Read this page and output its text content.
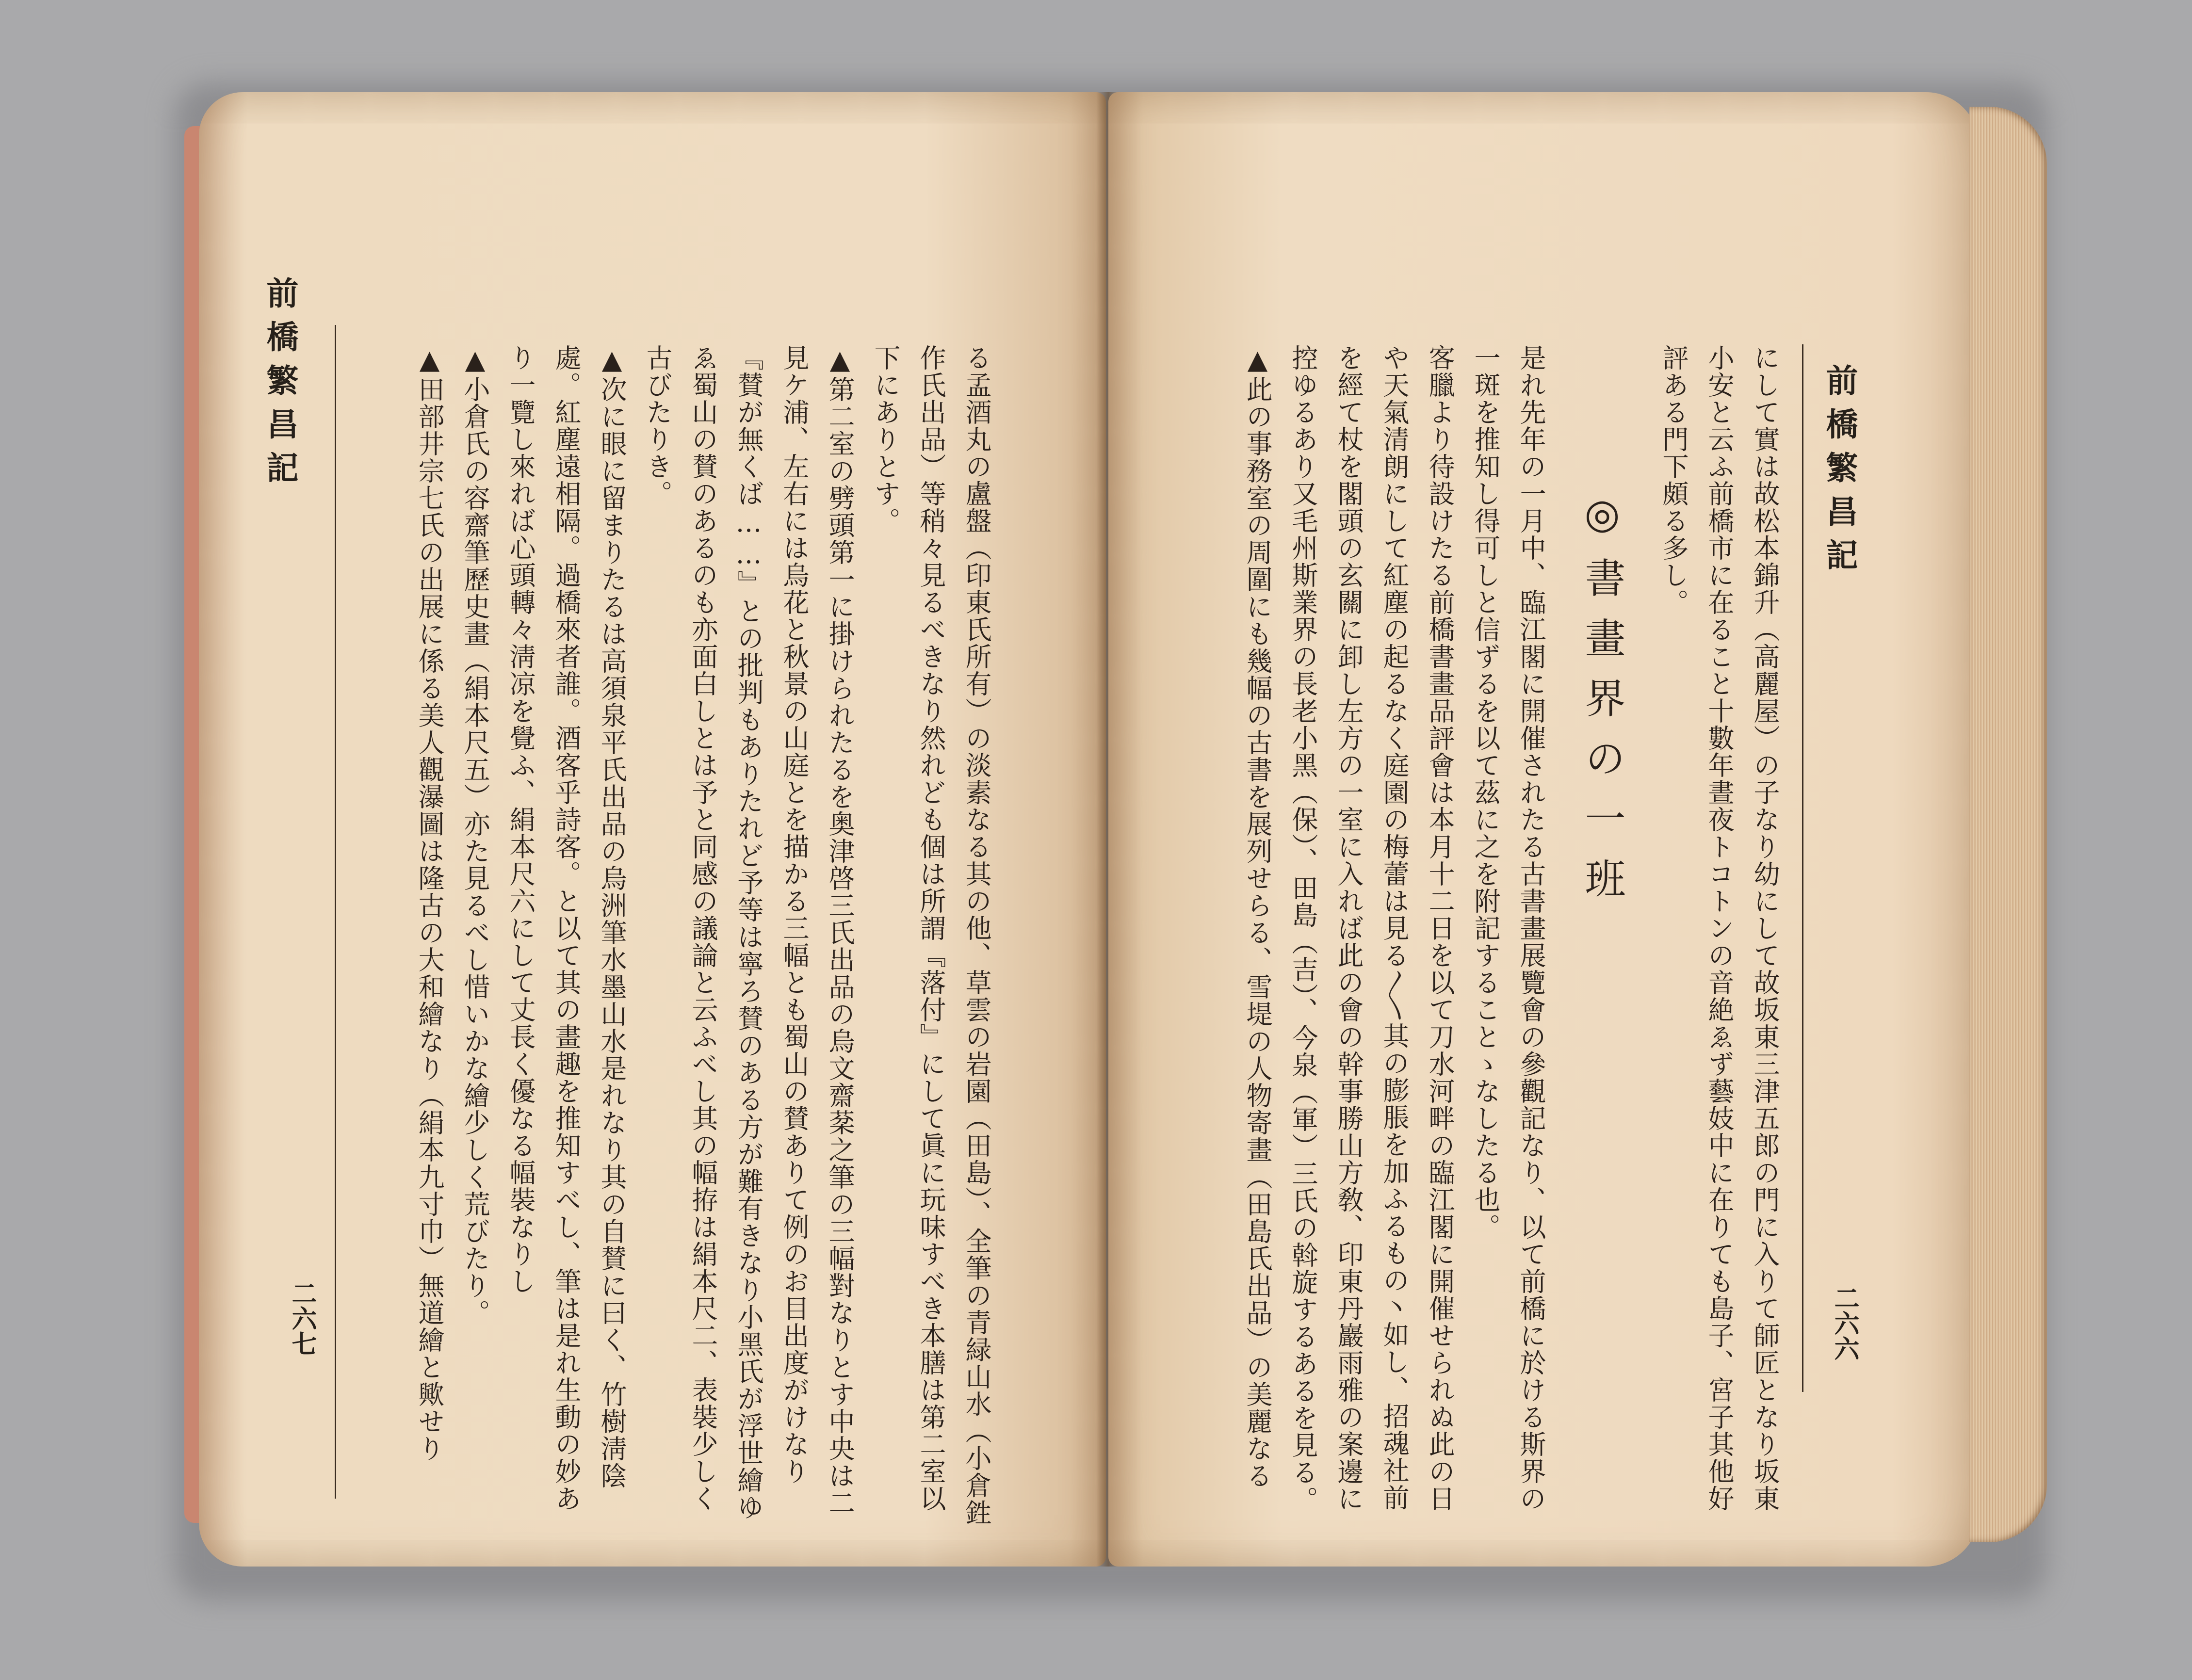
前橋繁昌記
二六七	る孟酒丸の盧盤（印東氏所有）の淡素なる其の他、草雲の岩園（田島）、全筆の青緑山水（小倉鉎作氏出品）等稍々見るべきなり然れども個は所謂『落付』にして眞に玩味すべき本膳は第二室以下にありとす。

▲第二室の劈頭第一に掛けられたるを奥津啓三氏出品の烏文齋棻之筆の三幅對なりとす中央は二見ケ浦、左右には烏花と秋景の山庭とを描かる三幅とも蜀山の賛ありて例のお目出度がけなり『賛が無くば……』との批判もありたれど予等は寧ろ賛のある方が難有きなり小黑氏が浮世繪ゆゑ蜀山の賛のあるのも亦面白しとは予と同感の議論と云ふべし其の幅拵は絹本尺二、表裝少しく古びたりき。

▲次に眼に留まりたるは高須泉平氏出品の烏洲筆水墨山水是れなり其の自賛に曰く、竹樹淸陰處。紅塵遠相隔。過橋來者誰。酒客乎詩客。と以て其の畫趣を推知すべし、筆は是れ生動の妙あり一覽し來れば心頭轉々淸凉を覺ふ、絹本尺六にして丈長く優なる幅裝なりし

▲小倉氏の容齋筆歷史畫（絹本尺五）亦た見るべし惜いかな繪少しく荒びたり。

▲田部井宗七氏の出展に係る美人觀瀑圖は隆古の大和繪なり（絹本九寸巾）無道繪と歟せり	前橋繁昌記
二六六

にして實は故松本錦升（高麗屋）の子なり幼にして故坂東三津五郎の門に入りて師匠となり坂東小安と云ふ前橋市に在ること十數年晝夜トコトンの音絶ゑず藝妓中に在りても島子、宮子其他好評ある門下頗る多し。

◎書畫界の一班

是れ先年の一月中、臨江閣に開催されたる古書畫展覽會の參觀記なり、以て前橋に於ける斯界の一斑を推知し得可しと信ずるを以て茲に之を附記することゝなしたる也。

客臘より待設けたる前橋書畫品評會は本月十二日を以て刀水河畔の臨江閣に開催せられぬ此の日や天氣清朗にして紅塵の起るなく庭園の梅蕾は見る〳〵其の膨脹を加ふるもの丶如し、招魂社前を經て杖を閣頭の玄關に卸し左方の一室に入れば此の會の幹事勝山方敎、印東丹巖雨雅の案邊に控ゆるあり又毛州斯業界の長老小黑（保）、田島（吉）、今泉（軍）三氏の斡旋するあるを見る。

▲此の事務室の周圍にも幾幅の古書を展列せらる、雪堤の人物寄畫（田島氏出品）の美麗なる
